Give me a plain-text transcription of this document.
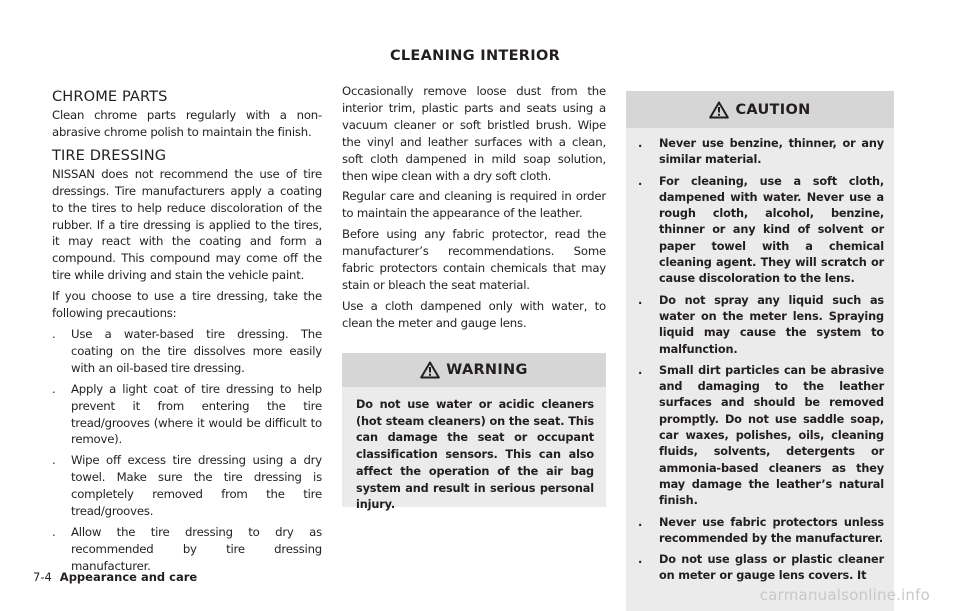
CLEANING INTERIOR
CHROME PARTS

Clean chrome parts regularly with a non-abrasive chrome polish to maintain the finish.

TIRE DRESSING

NISSAN does not recommend the use of tire dressings. Tire manufacturers apply a coating to the tires to help reduce discoloration of the rubber. If a tire dressing is applied to the tires, it may react with the coating and form a compound. This compound may come off the tire while driving and stain the vehicle paint.

If you choose to use a tire dressing, take the following precautions:

. Use a water-based tire dressing. The coating on the tire dissolves more easily with an oil-based tire dressing.
. Apply a light coat of tire dressing to help prevent it from entering the tire tread/grooves (where it would be difficult to remove).
. Wipe off excess tire dressing using a dry towel. Make sure the tire dressing is completely removed from the tire tread/grooves.
. Allow the tire dressing to dry as recommended by tire dressing manufacturer.

Occasionally remove loose dust from the interior trim, plastic parts and seats using a vacuum cleaner or soft bristled brush. Wipe the vinyl and leather surfaces with a clean, soft cloth dampened in mild soap solution, then wipe clean with a dry soft cloth.

Regular care and cleaning is required in order to maintain the appearance of the leather.

Before using any fabric protector, read the manufacturer’s recommendations. Some fabric protectors contain chemicals that may stain or bleach the seat material.

Use a cloth dampened only with water, to clean the meter and gauge lens.

WARNING

Do not use water or acidic cleaners (hot steam cleaners) on the seat. This can damage the seat or occupant classification sensors. This can also affect the operation of the air bag system and result in serious personal injury.

CAUTION
. Never use benzine, thinner, or any similar material.
. For cleaning, use a soft cloth, dampened with water. Never use a rough cloth, alcohol, benzine, thinner or any kind of solvent or paper towel with a chemical cleaning agent. They will scratch or cause discoloration to the lens.
. Do not spray any liquid such as water on the meter lens. Spraying liquid may cause the system to malfunction.
. Small dirt particles can be abrasive and damaging to the leather surfaces and should be removed promptly. Do not use saddle soap, car waxes, polishes, oils, cleaning fluids, solvents, detergents or ammonia-based cleaners as they may damage the leather’s natural finish.
. Never use fabric protectors unless recommended by the manufacturer.
. Do not use glass or plastic cleaner on meter or gauge lens covers. It
7-4 Appearance and care
carmanualsonline.info
